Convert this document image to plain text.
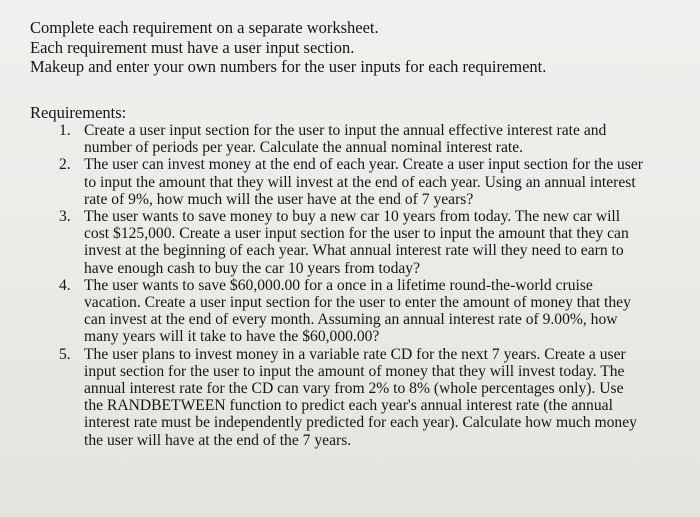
Complete each requirement on a separate worksheet.

Each requirement must have a user input section.

Makeup and enter your own numbers for the user inputs for each requirement.

Requirements:

1. Create a user input section for the user to input the annual effective interest rate and
number of periods per year. Calculate the annual nominal interest rate.
2. The user can invest money at the end of each year. Create a user input section for the user
to input the amount that they will invest at the end of each year. Using an annual interest
rate of 9%, how much will the user have at the end of 7 years?
3. The user wants to save money to buy a new car 10 years from today. The new car will
cost $125,000. Create a user input section for the user to input the amount that they can
invest at the beginning of each year. What annual interest rate will they need to earn to
have enough cash to buy the car 10 years from today?
4. The user wants to save $60,000.00 for a once in a lifetime round-the-world cruise
vacation. Create a user input section for the user to enter the amount of money that they
can invest at the end of every month. Assuming an annual interest rate of 9.00%, how
many years will it take to have the $60,000.00?
5. The user plans to invest money in a variable rate CD for the next 7 years. Create a user
input section for the user to input the amount of money that they will invest today. The
annual interest rate for the CD can vary from 2% to 8% (whole percentages only). Use
the RANDBETWEEN function to predict each year's annual interest rate (the annual
interest rate must be independently predicted for each year). Calculate how much money
the user will have at the end of the 7 years.
